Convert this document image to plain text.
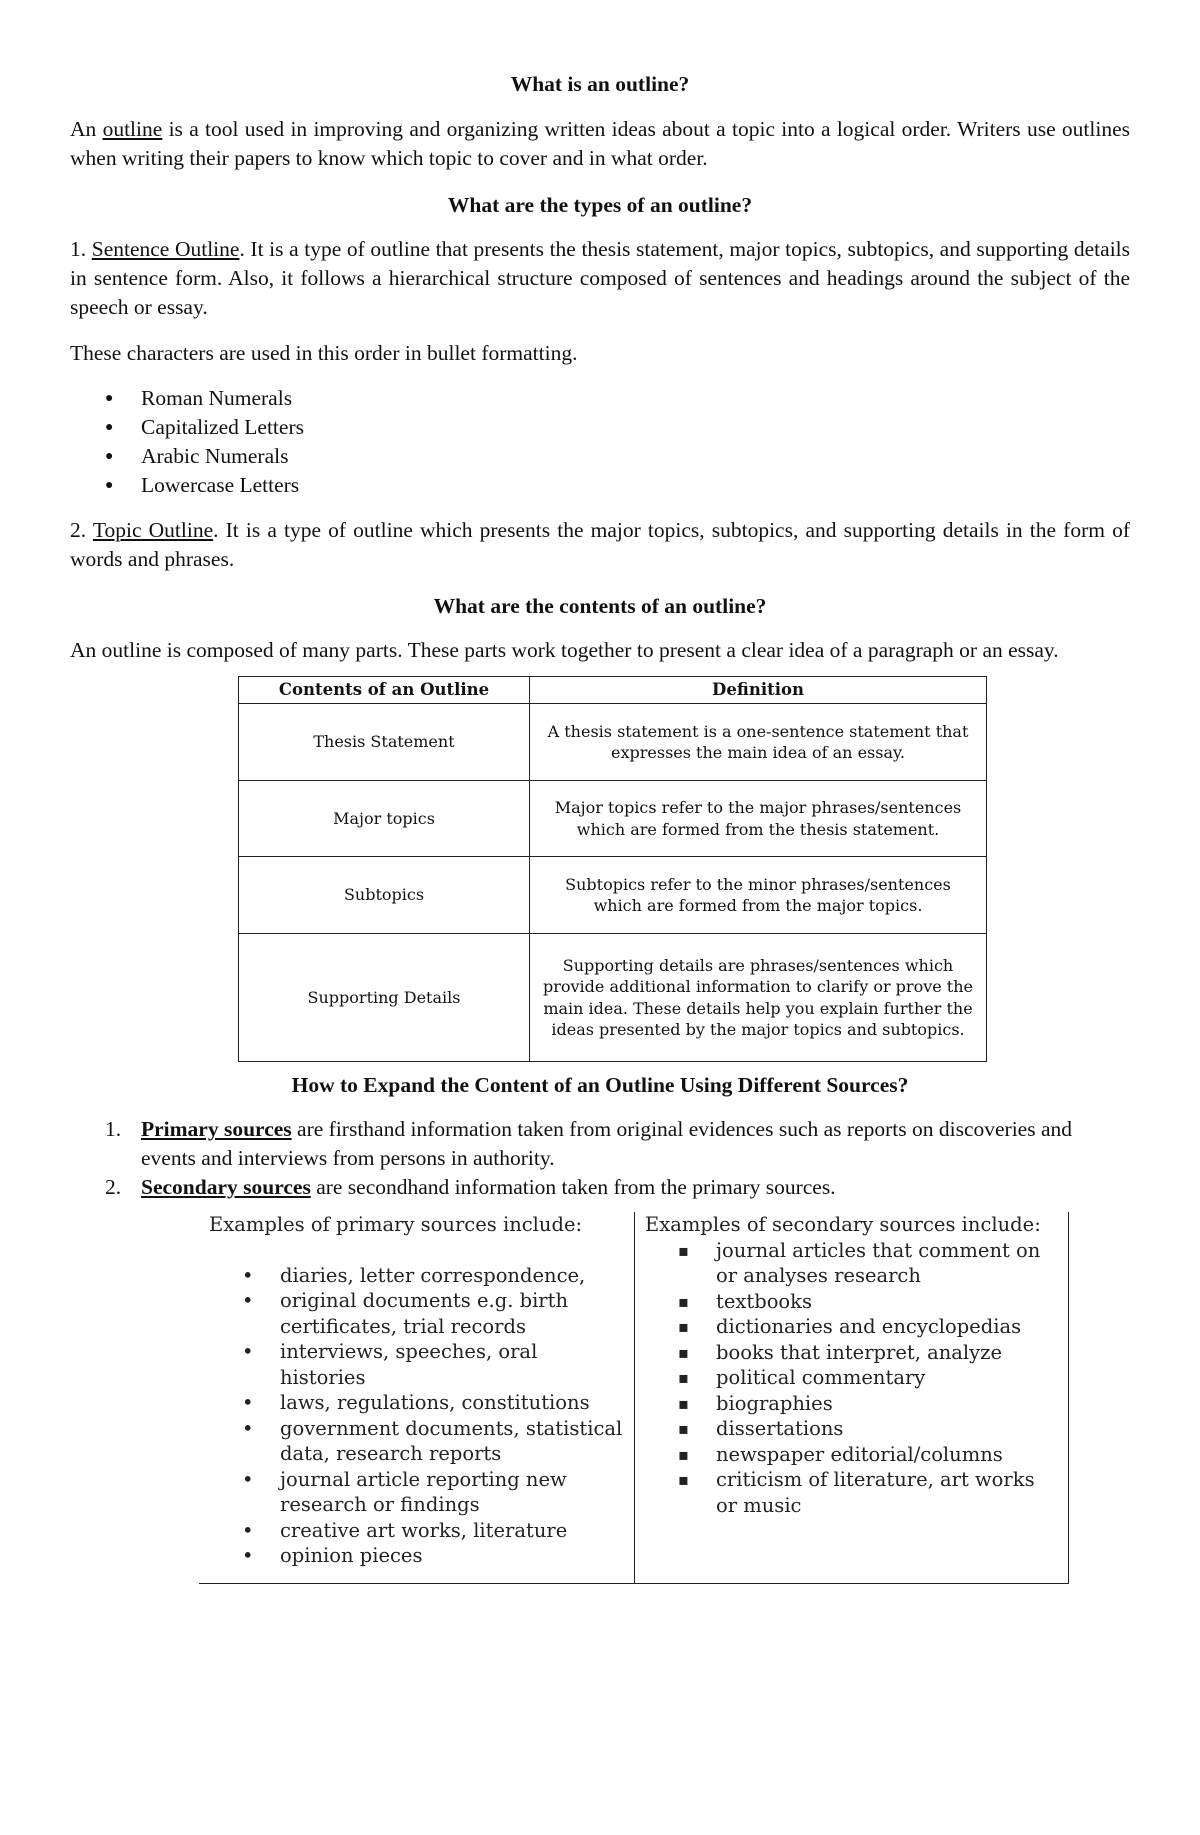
What is an outline?

An outline is a tool used in improving and organizing written ideas about a topic into a logical order. Writers use outlines when writing their papers to know which topic to cover and in what order.

What are the types of an outline?

1. Sentence Outline. It is a type of outline that presents the thesis statement, major topics, subtopics, and supporting details in sentence form. Also, it follows a hierarchical structure composed of sentences and headings around the subject of the speech or essay.

These characters are used in this order in bullet formatting.

● Roman Numerals
● Capitalized Letters
● Arabic Numerals
● Lowercase Letters

2. Topic Outline. It is a type of outline which presents the major topics, subtopics, and supporting details in the form of words and phrases.

What are the contents of an outline?

An outline is composed of many parts. These parts work together to present a clear idea of a paragraph or an essay.

Contents of an Outline	Definition
Thesis Statement	A thesis statement is a one-sentence statement that expresses the main idea of an essay.
Major topics	Major topics refer to the major phrases/sentences which are formed from the thesis statement.
Subtopics	Subtopics refer to the minor phrases/sentences which are formed from the major topics.
Supporting Details	Supporting details are phrases/sentences which provide additional information to clarify or prove the main idea. These details help you explain further the ideas presented by the major topics and subtopics.
How to Expand the Content of an Outline Using Different Sources?
1. Primary sources are firsthand information taken from original evidences such as reports on discoveries and events and interviews from persons in authority.
2. Secondary sources are secondhand information taken from the primary sources.

Examples of primary sources include:

• diaries, letter correspondence,
• original documents e.g. birth certificates, trial records
• interviews, speeches, oral histories
• laws, regulations, constitutions
• government documents, statistical data, research reports
• journal article reporting new research or findings
• creative art works, literature
• opinion pieces

Examples of secondary sources include:

▪ journal articles that comment on or analyses research
▪ textbooks
▪ dictionaries and encyclopedias
▪ books that interpret, analyze
▪ political commentary
▪ biographies
▪ dissertations
▪ newspaper editorial/columns
▪ criticism of literature, art works or music
